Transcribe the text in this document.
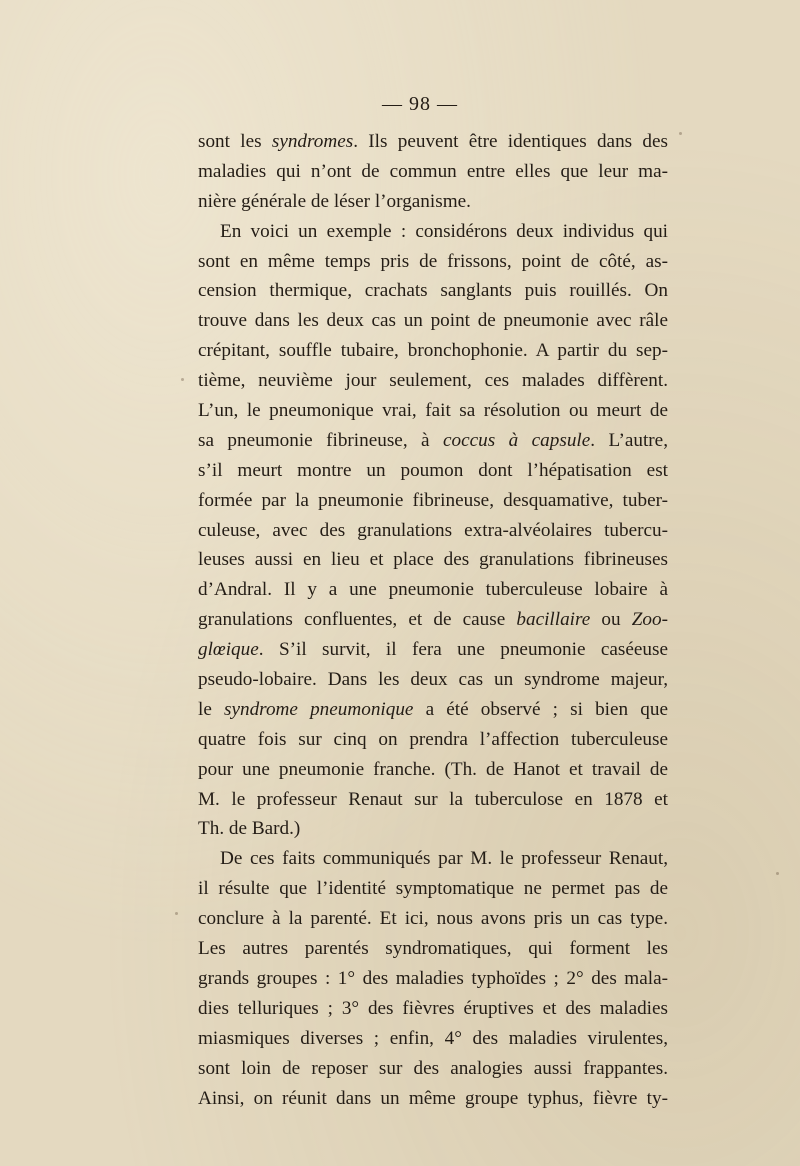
— 98 —
sont les syndromes. Ils peuvent être identiques dans des
maladies qui n’ont de commun entre elles que leur ma-
nière générale de léser l’organisme.
En voici un exemple : considérons deux individus qui
sont en même temps pris de frissons, point de côté, as-
cension thermique, crachats sanglants puis rouillés. On
trouve dans les deux cas un point de pneumonie avec râle
crépitant, souffle tubaire, bronchophonie. A partir du sep-
tième, neuvième jour seulement, ces malades diffèrent.
L’un, le pneumonique vrai, fait sa résolution ou meurt de
sa pneumonie fibrineuse, à coccus à capsule. L’autre,
s’il meurt montre un poumon dont l’hépatisation est
formée par la pneumonie fibrineuse, desquamative, tuber-
culeuse, avec des granulations extra-alvéolaires tubercu-
leuses aussi en lieu et place des granulations fibrineuses
d’Andral. Il y a une pneumonie tuberculeuse lobaire à
granulations confluentes, et de cause bacillaire ou Zoo-
glœique. S’il survit, il fera une pneumonie caséeuse
pseudo-lobaire. Dans les deux cas un syndrome majeur,
le syndrome pneumonique a été observé ; si bien que
quatre fois sur cinq on prendra l’affection tuberculeuse
pour une pneumonie franche. (Th. de Hanot et travail de
M. le professeur Renaut sur la tuberculose en 1878 et
Th. de Bard.)
De ces faits communiqués par M. le professeur Renaut,
il résulte que l’identité symptomatique ne permet pas de
conclure à la parenté. Et ici, nous avons pris un cas type.
Les autres parentés syndromatiques, qui forment les
grands groupes : 1° des maladies typhoïdes ; 2° des mala-
dies telluriques ; 3° des fièvres éruptives et des maladies
miasmiques diverses ; enfin, 4° des maladies virulentes,
sont loin de reposer sur des analogies aussi frappantes.
Ainsi, on réunit dans un même groupe typhus, fièvre ty-
